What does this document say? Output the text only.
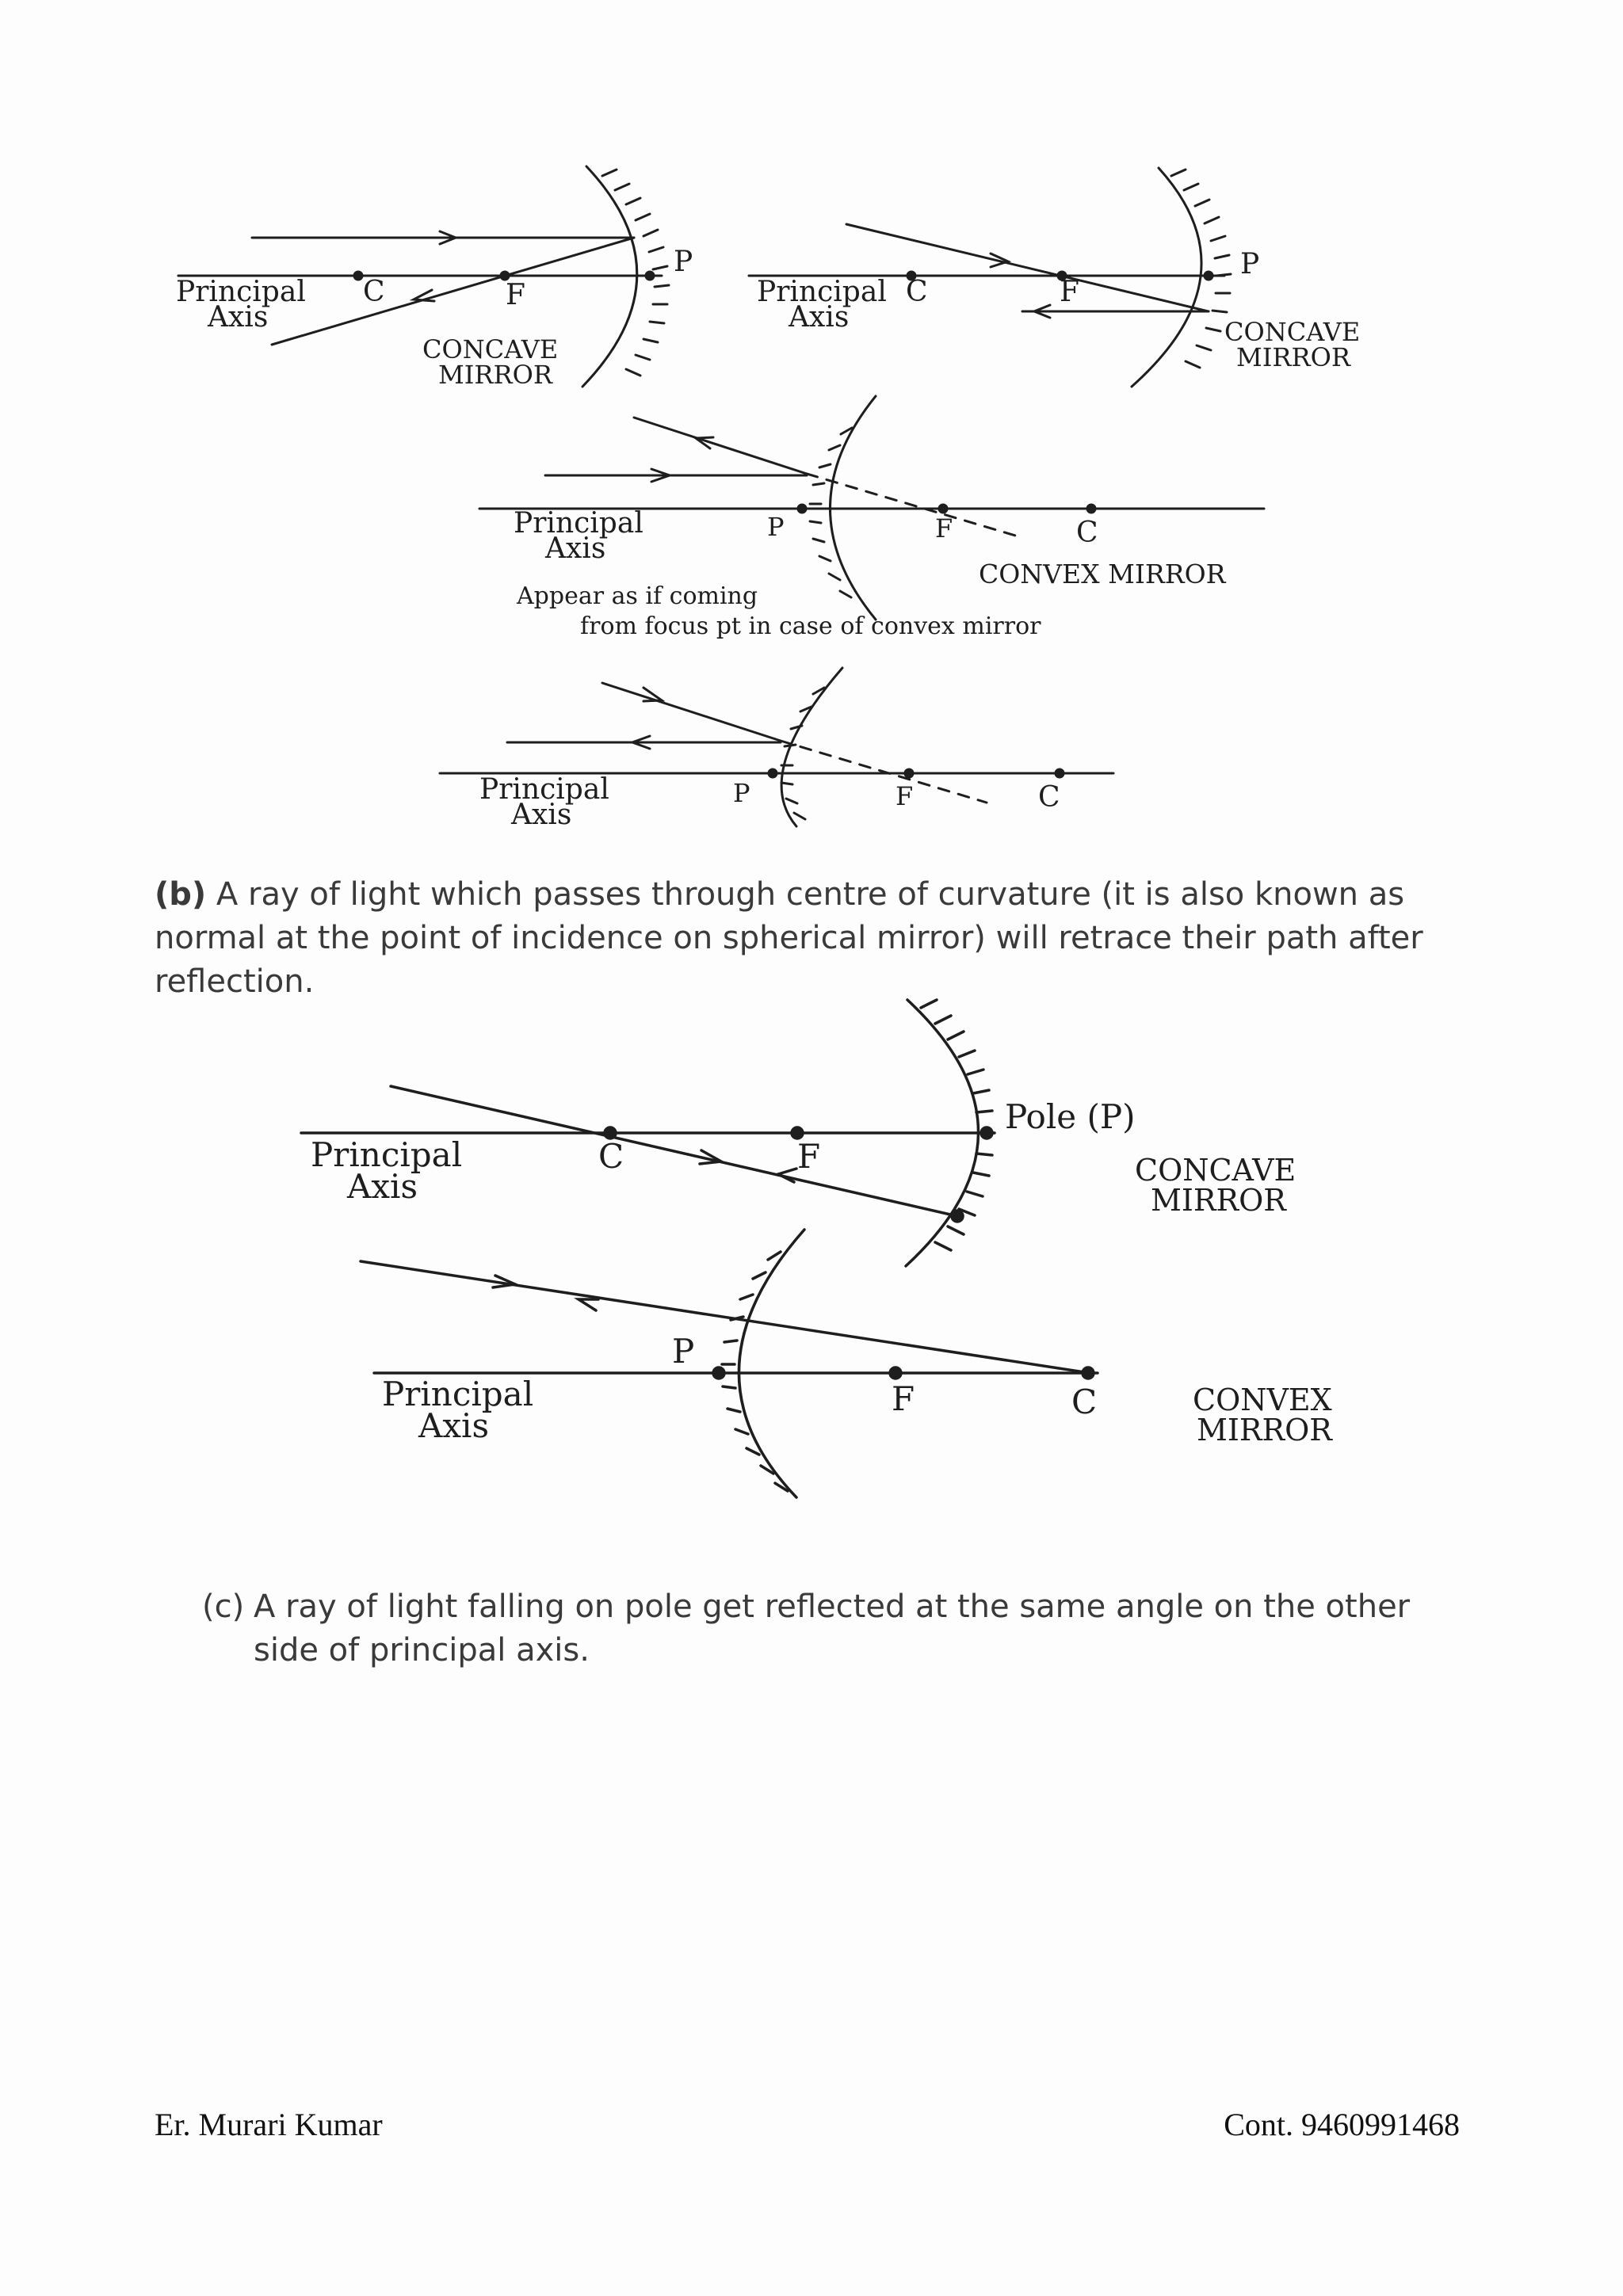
Principal
Axis
C	F
P
CONCAVE
MIRROR
Principal
Axis
C	F
P
CONCAVE
MIRROR
Principal
Axis
P	F	C
CONVEX MIRROR
Appear as if coming
from focus pt in case of convex mirror
Principal
Axis
P	F	C

(b) A ray of light which passes through centre of curvature (it is also known as normal at the point of incidence on spherical mirror) will retrace their path after reflection.

Principal
Axis
C	F
Pole (P)
CONCAVE
MIRROR
P
Principal
Axis
F	C	CONVEX
MIRROR

(c) A ray of light falling on pole get reflected at the same angle on the other side of principal axis.

Er. Murari Kumar	Cont. 9460991468
